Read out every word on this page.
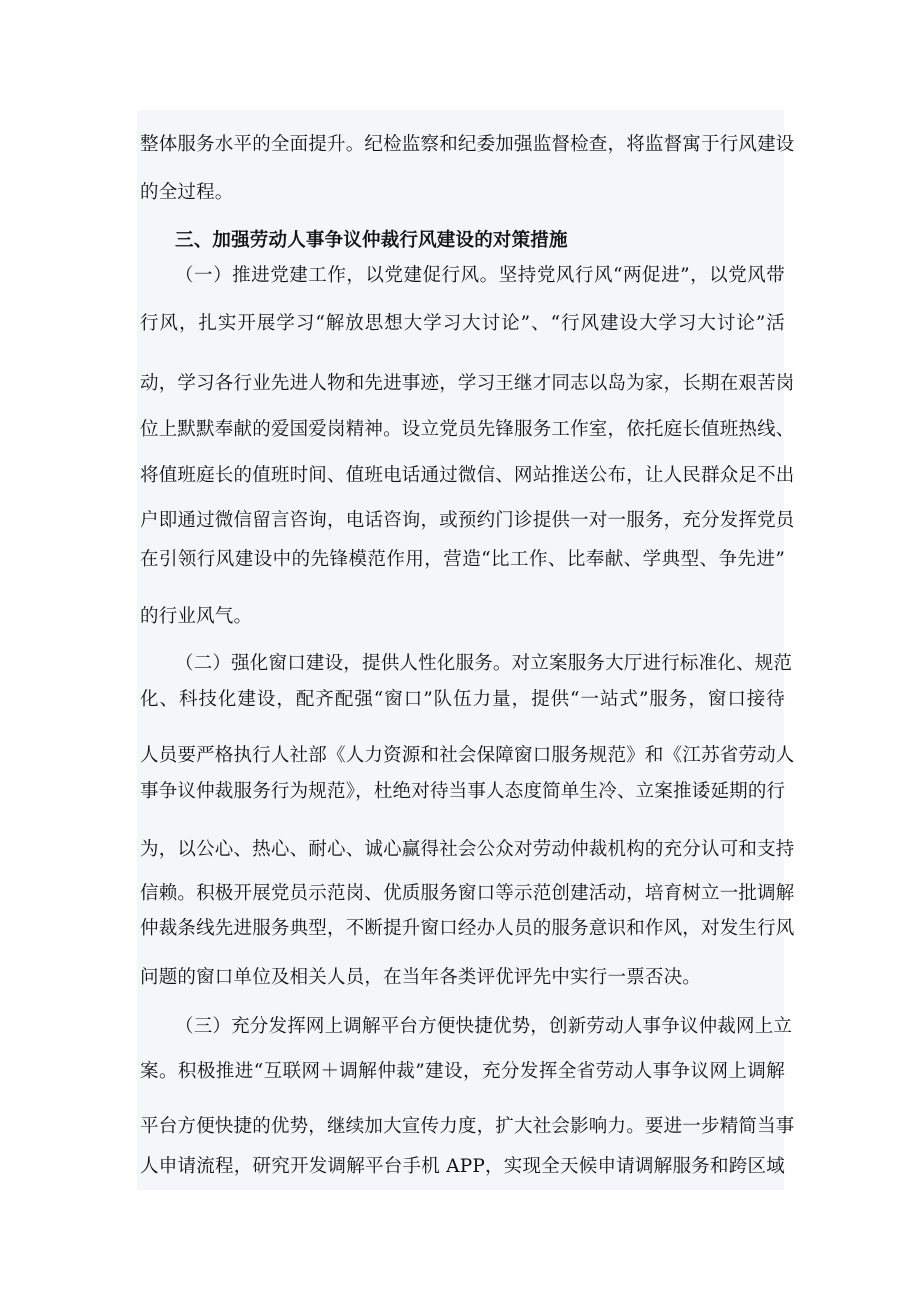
整体服务水平的全面提升。纪检监察和纪委加强监督检查，将监督寓于行风建设
的全过程。
三、加强劳动人事争议仲裁行风建设的对策措施
（一）推进党建工作，以党建促行风。坚持党风行风“两促进”，以党风带
行风，扎实开展学习“解放思想大学习大讨论”、“行风建设大学习大讨论”活
动，学习各行业先进人物和先进事迹，学习王继才同志以岛为家，长期在艰苦岗
位上默默奉献的爱国爱岗精神。设立党员先锋服务工作室，依托庭长值班热线、
将值班庭长的值班时间、值班电话通过微信、网站推送公布，让人民群众足不出
户即通过微信留言咨询，电话咨询，或预约门诊提供一对一服务，充分发挥党员
在引领行风建设中的先锋模范作用，营造“比工作、比奉献、学典型、争先进”
的行业风气。
（二）强化窗口建设，提供人性化服务。对立案服务大厅进行标准化、规范
化、科技化建设，配齐配强“窗口”队伍力量，提供“一站式”服务，窗口接待
人员要严格执行人社部《人力资源和社会保障窗口服务规范》和《江苏省劳动人
事争议仲裁服务行为规范》，杜绝对待当事人态度简单生冷、立案推诿延期的行
为，以公心、热心、耐心、诚心赢得社会公众对劳动仲裁机构的充分认可和支持
信赖。积极开展党员示范岗、优质服务窗口等示范创建活动，培育树立一批调解
仲裁条线先进服务典型，不断提升窗口经办人员的服务意识和作风，对发生行风
问题的窗口单位及相关人员，在当年各类评优评先中实行一票否决。
（三）充分发挥网上调解平台方便快捷优势，创新劳动人事争议仲裁网上立
案。积极推进“互联网＋调解仲裁”建设，充分发挥全省劳动人事争议网上调解
平台方便快捷的优势，继续加大宣传力度，扩大社会影响力。要进一步精简当事
人申请流程，研究开发调解平台手机 APP，实现全天候申请调解服务和跨区域
